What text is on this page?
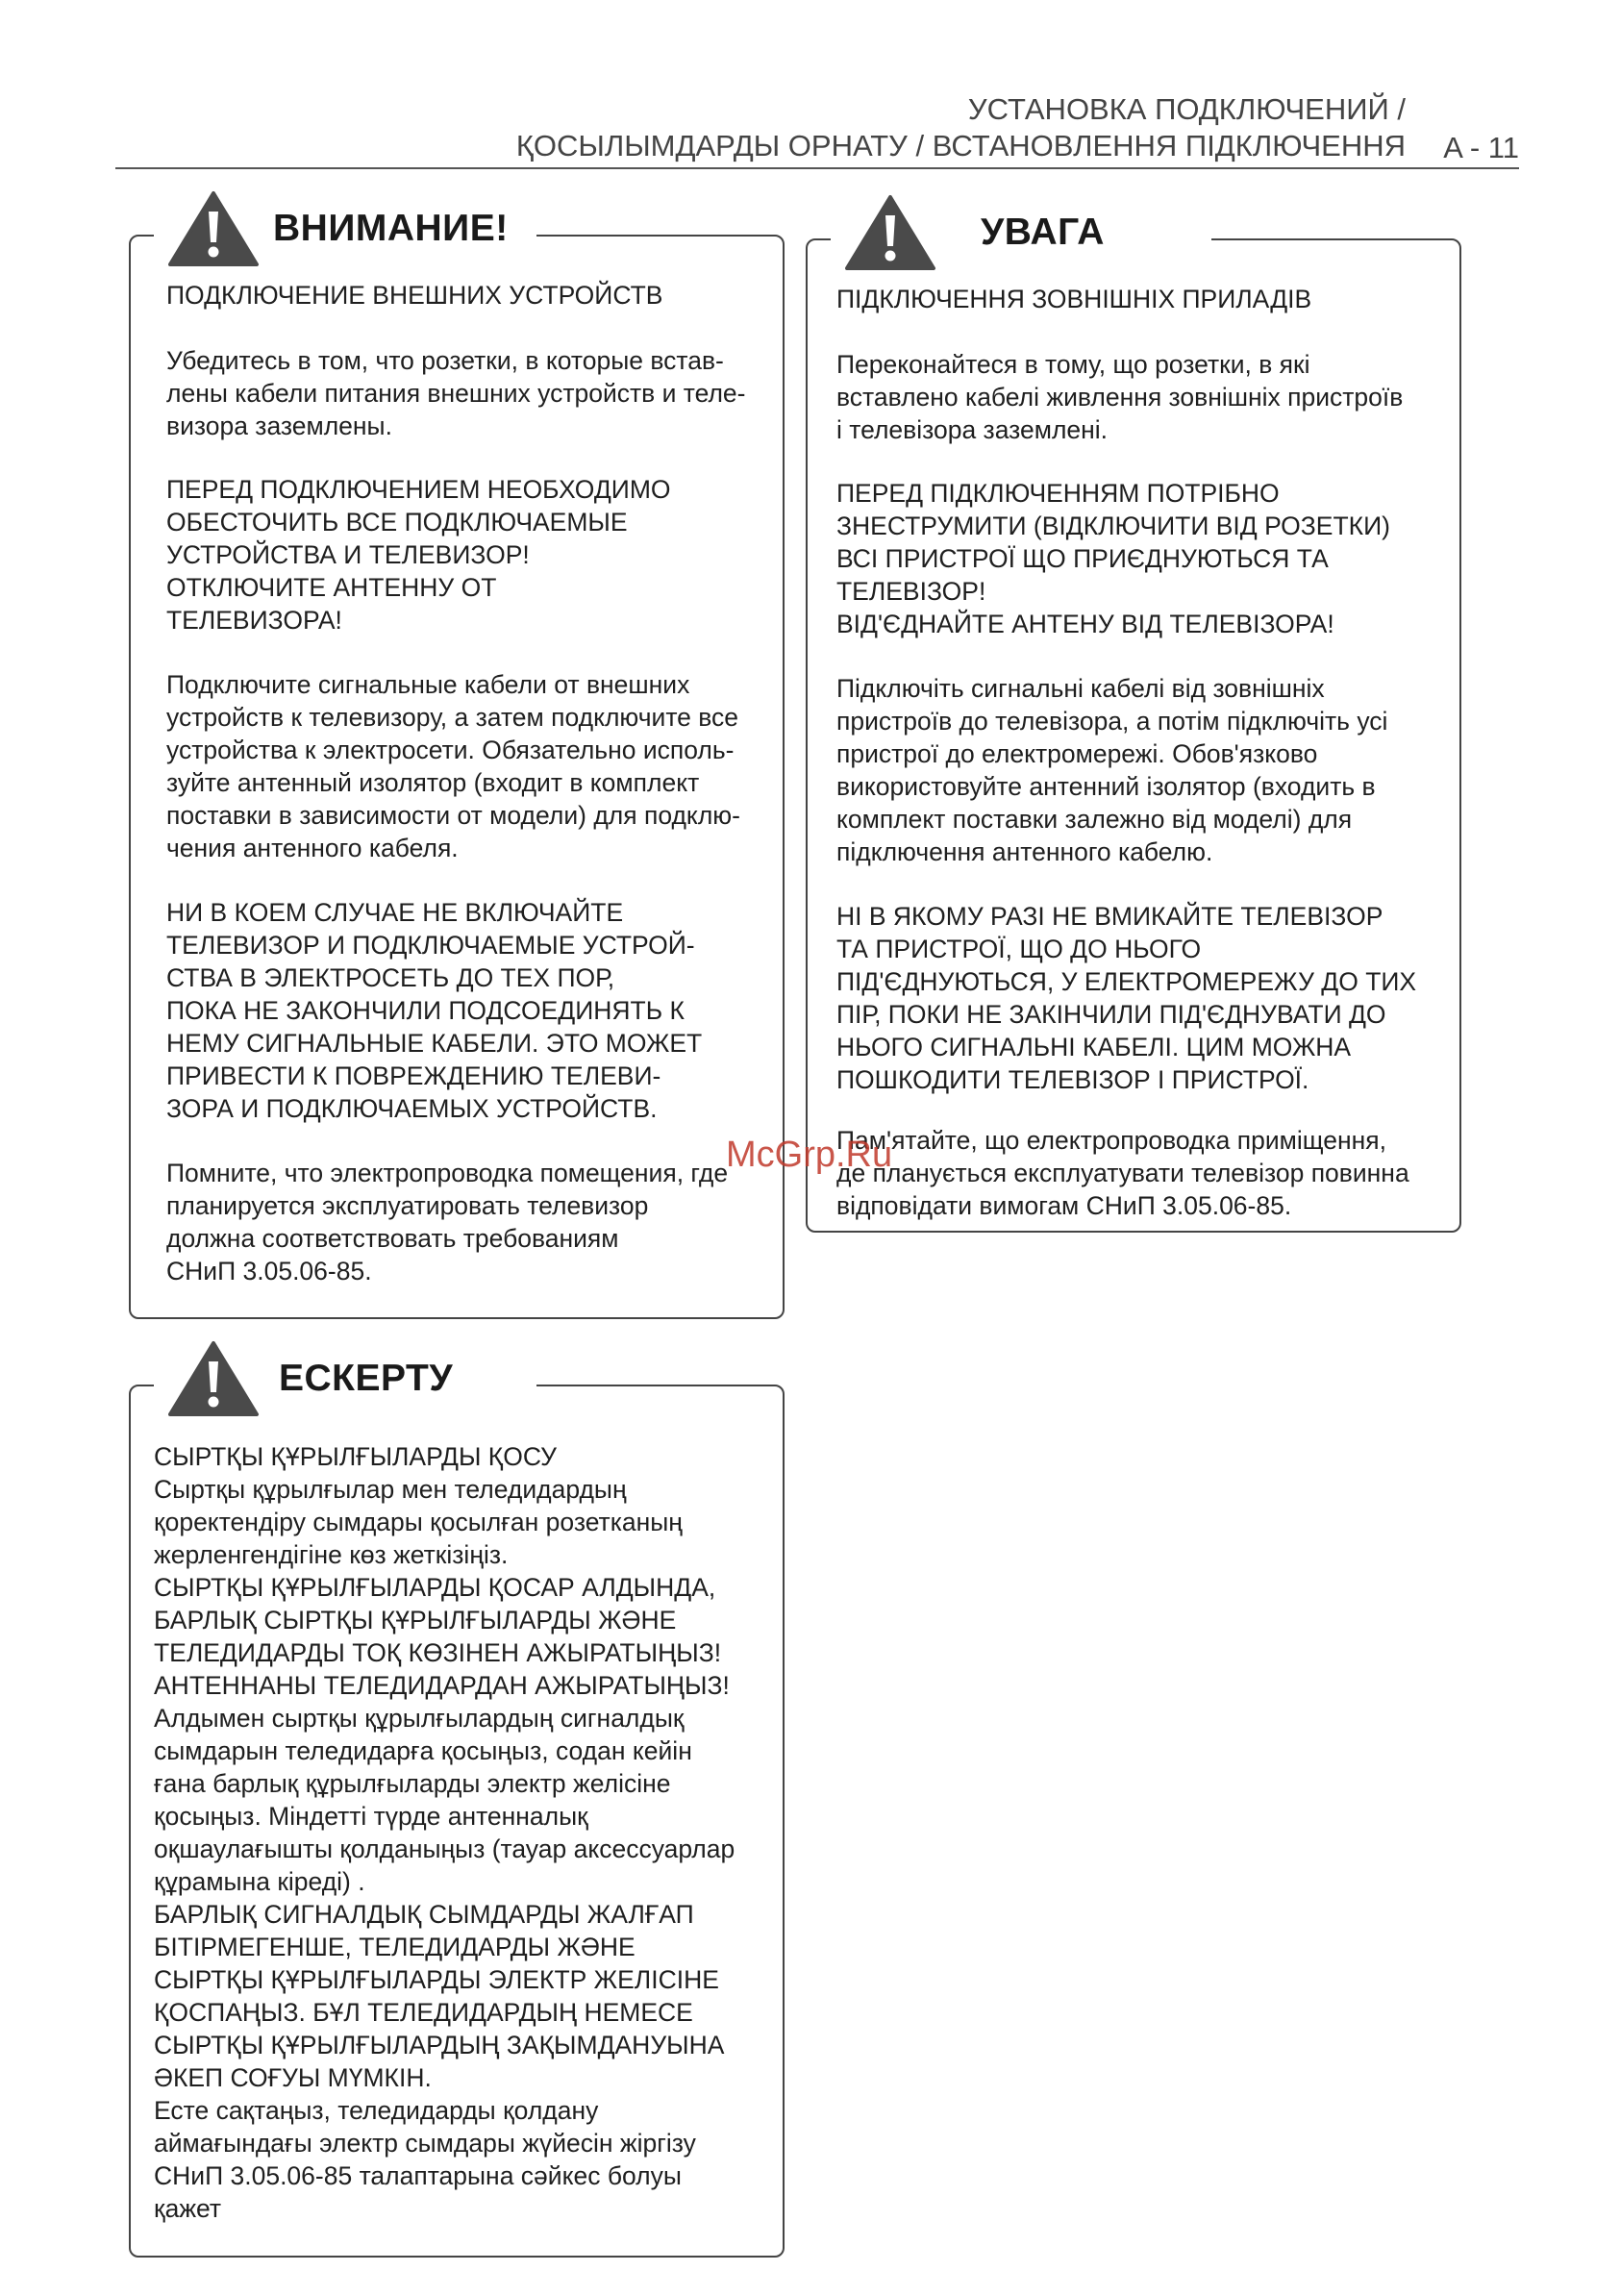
УСТАНОВКА ПОДКЛЮЧЕНИЙ /
ҚОСЫЛЫМДАРДЫ ОРНАТУ / ВСТАНОВЛЕННЯ ПІДКЛЮЧЕННЯ A - 11
ВНИМАНИЕ!

ПОДКЛЮЧЕНИЕ ВНЕШНИХ УСТРОЙСТВ

Убедитесь в том, что розетки, в которые встав-
лены кабели питания внешних устройств и теле-
визора заземлены.

ПЕРЕД ПОДКЛЮЧЕНИЕМ НЕОБХОДИМО
ОБЕСТОЧИТЬ ВСЕ ПОДКЛЮЧАЕМЫЕ
УСТРОЙСТВА И ТЕЛЕВИЗОР!
ОТКЛЮЧИТЕ АНТЕННУ ОТ
ТЕЛЕВИЗОРА!

Подключите сигнальные кабели от внешних
устройств к телевизору, а затем подключите все
устройства к электросети. Обязательно исполь-
зуйте антенный изолятор (входит в комплект
поставки в зависимости от модели) для подклю-
чения антенного кабеля.

НИ В КОЕМ СЛУЧАЕ НЕ ВКЛЮЧАЙТЕ
ТЕЛЕВИЗОР И ПОДКЛЮЧАЕМЫЕ УСТРОЙ-
СТВА В ЭЛЕКТРОСЕТЬ ДО ТЕХ ПОР,
ПОКА НЕ ЗАКОНЧИЛИ ПОДСОЕДИНЯТЬ К
НЕМУ СИГНАЛЬНЫЕ КАБЕЛИ. ЭТО МОЖЕТ
ПРИВЕСТИ К ПОВРЕЖДЕНИЮ ТЕЛЕВИ-
ЗОРА И ПОДКЛЮЧАЕМЫХ УСТРОЙСТВ.

Помните, что электропроводка помещения, где
планируется эксплуатировать телевизор
должна соответствовать требованиям
СНиП 3.05.06-85.

УВАГА

ПІДКЛЮЧЕННЯ ЗОВНІШНІХ ПРИЛАДІВ

Переконайтеся в тому, що розетки, в які
вставлено кабелі живлення зовнішніх пристроїв
і телевізора заземлені.

ПЕРЕД ПІДКЛЮЧЕННЯМ ПОТРІБНО
ЗНЕСТРУМИТИ (ВІДКЛЮЧИТИ ВІД РОЗЕТКИ)
ВСІ ПРИСТРОЇ ЩО ПРИЄДНУЮТЬСЯ ТА
ТЕЛЕВІЗОР!
ВІД'ЄДНАЙТЕ АНТЕНУ ВІД ТЕЛЕВІЗОРА!

Підключіть сигнальні кабелі від зовнішніх
пристроїв до телевізора, а потім підключіть усі
пристрої до електромережі. Обов'язково
використовуйте антенний ізолятор (входить в
комплект поставки залежно від моделі) для
підключення антенного кабелю.

НІ В ЯКОМУ РАЗІ НЕ ВМИКАЙТЕ ТЕЛЕВІЗОР
ТА ПРИСТРОЇ, ЩО ДО НЬОГО
ПІД'ЄДНУЮТЬСЯ, У ЕЛЕКТРОМЕРЕЖУ ДО ТИХ
ПІР, ПОКИ НЕ ЗАКІНЧИЛИ ПІД'ЄДНУВАТИ ДО
НЬОГО СИГНАЛЬНІ КАБЕЛІ. ЦИМ МОЖНА
ПОШКОДИТИ ТЕЛЕВІЗОР І ПРИСТРОЇ.

Пам'ятайте, що електропроводка приміщення,
де планується експлуатувати телевізор повинна
відповідати вимогам СНиП 3.05.06-85.

ЕСКЕРТУ

СЫРТҚЫ ҚҰРЫЛҒЫЛАРДЫ ҚОСУ
Сыртқы құрылғылар мен теледидардың
қоректендіру сымдары қосылған розетканың
жерленгендігіне көз жеткізіңіз.
СЫРТҚЫ ҚҰРЫЛҒЫЛАРДЫ ҚОСАР АЛДЫНДА,
БАРЛЫҚ СЫРТҚЫ ҚҰРЫЛҒЫЛАРДЫ ЖӘНЕ
ТЕЛЕДИДАРДЫ ТОҚ КӨЗІНЕН АЖЫРАТЫҢЫЗ!
АНТЕННАНЫ ТЕЛЕДИДАРДАН АЖЫРАТЫҢЫЗ!
Алдымен сыртқы құрылғылардың сигналдық
сымдарын теледидарға қосыңыз, содан кейін
ғана барлық құрылғыларды электр желісіне
қосыңыз. Міндетті түрде антенналық
оқшаулағышты қолданыңыз (тауар аксессуарлар
құрамына кіреді) .
БАРЛЫҚ СИГНАЛДЫҚ СЫМДАРДЫ ЖАЛҒАП
БІТІРМЕГЕНШЕ, ТЕЛЕДИДАРДЫ ЖӘНЕ
СЫРТҚЫ ҚҰРЫЛҒЫЛАРДЫ ЭЛЕКТР ЖЕЛІСІНЕ
ҚОСПАҢЫЗ. БҰЛ ТЕЛЕДИДАРДЫҢ НЕМЕСЕ
СЫРТҚЫ ҚҰРЫЛҒЫЛАРДЫҢ ЗАҚЫМДАНУЫНА
ӘКЕП СОҒУЫ МҮМКІН.
Есте сақтаңыз, теледидарды қолдану
аймағындағы электр сымдары жүйесін жіргізу
СНиП 3.05.06-85 талаптарына сәйкес болуы
қажет

McGrp.Ru
